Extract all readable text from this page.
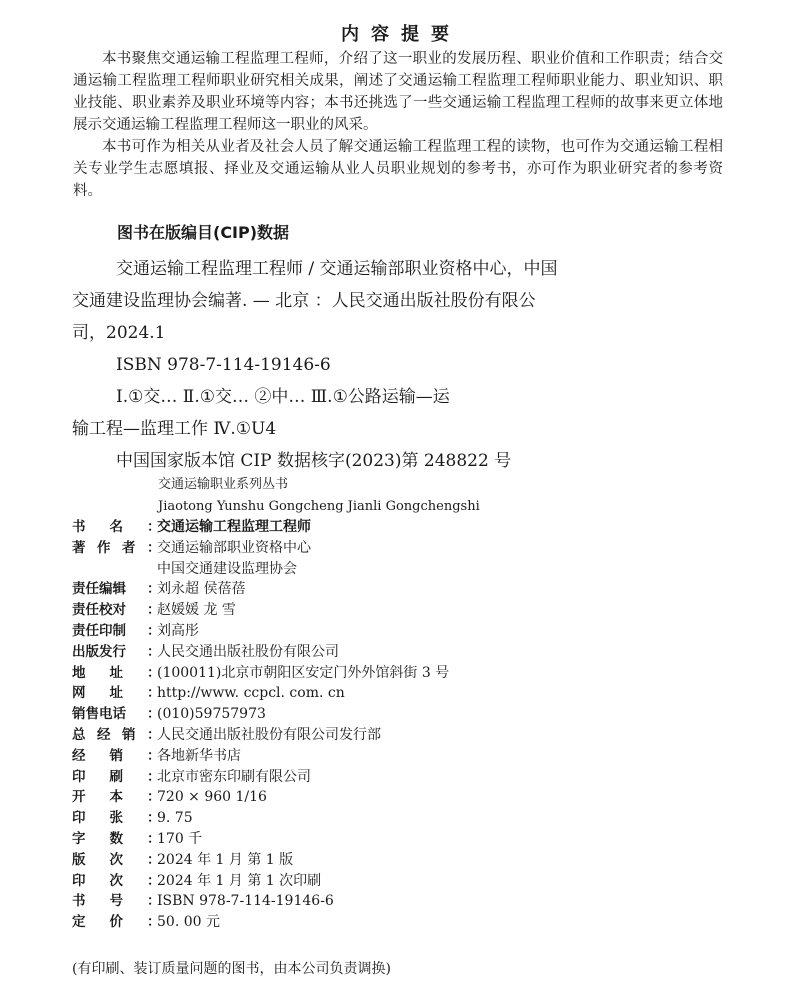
内容提要

本书聚焦交通运输工程监理工程师，介绍了这一职业的发展历程、职业价值和工作职责；结合交通运输工程监理工程师职业研究相关成果，阐述了交通运输工程监理工程师职业能力、职业知识、职业技能、职业素养及职业环境等内容；本书还挑选了一些交通运输工程监理工程师的故事来更立体地展示交通运输工程监理工程师这一职业的风采。

本书可作为相关从业者及社会人员了解交通运输工程监理工程的读物，也可作为交通运输工程相关专业学生志愿填报、择业及交通运输从业人员职业规划的参考书，亦可作为职业研究者的参考资料。

图书在版编目(CIP)数据
交通运输工程监理工程师 / 交通运输部职业资格中心，中国交通建设监理协会编著. — 北京 ：人民交通出版社股份有限公司，2024.1
ISBN 978-7-114-19146-6
Ⅰ.①交… Ⅱ.①交… ②中… Ⅲ.①公路运输—运
输工程—监理工作 Ⅳ.①U4
中国国家版本馆 CIP 数据核字(2023)第 248822 号
交通运输职业系列丛书
Jiaotong Yunshu Gongcheng Jianli Gongchengshi
书 名 ：
交通运输工程监理工程师
著 作 者 ：
交通运输部职业资格中心
中国交通建设监理协会
责任编辑 ：
刘永超 侯蓓蓓
责任校对 ：
赵媛媛 龙 雪
责任印制 ：
刘高彤
出版发行 ：
人民交通出版社股份有限公司
地 址 ：
(100011)北京市朝阳区安定门外外馆斜街 3 号
网 址 ：
http://www. ccpcl. com. cn
销售电话 ：
(010)59757973
总 经 销 ：
人民交通出版社股份有限公司发行部
经 销 ：
各地新华书店
印 刷 ：
北京市密东印刷有限公司
开 本 ：
720 × 960 1/16
印 张 ：
9. 75
字 数 ：
170 千
版 次 ：
2024 年 1 月 第 1 版
印 次 ：
2024 年 1 月 第 1 次印刷
书 号 ：
ISBN 978-7-114-19146-6
定 价 ：
50. 00 元
(有印刷、装订质量问题的图书，由本公司负责调换)
